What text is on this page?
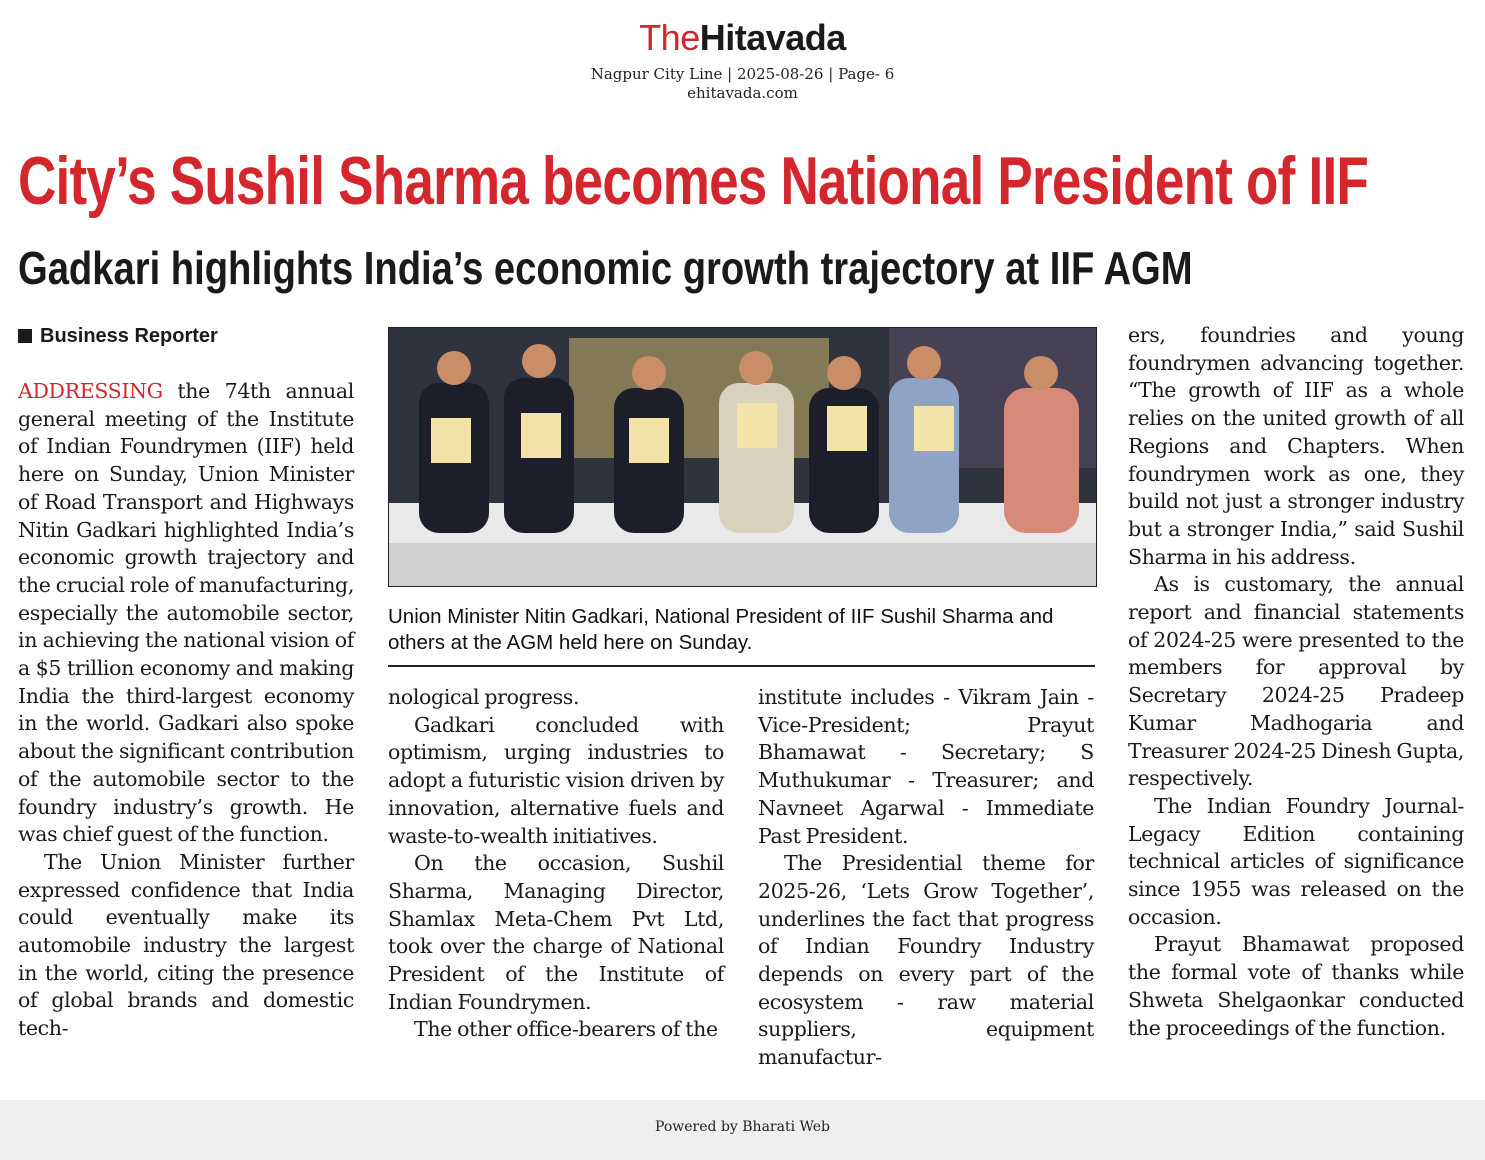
TheHitavada
Nagpur City Line | 2025-08-26 | Page- 6
ehitavada.com
City’s Sushil Sharma becomes National President of IIF
Gadkari highlights India’s economic growth trajectory at IIF AGM
Business Reporter

ADDRESSING the 74th annual general meeting of the Institute of Indian Foundrymen (IIF) held here on Sunday, Union Minister of Road Transport and Highways Nitin Gadkari highlighted India’s economic growth trajectory and the crucial role of manufacturing, especially the automobile sector, in achieving the national vision of a $5 trillion economy and making India the third-largest economy in the world. Gadkari also spoke about the significant contribution of the automobile sector to the foundry industry’s growth. He was chief guest of the function.

The Union Minister further expressed confidence that India could eventually make its automobile industry the largest in the world, citing the presence of global brands and domestic tech-

Union Minister Nitin Gadkari, National President of IIF Sushil Sharma and others at the AGM held here on Sunday.

nological progress.

Gadkari concluded with optimism, urging industries to adopt a futuristic vision driven by innovation, alternative fuels and waste-to-wealth initiatives.

On the occasion, Sushil Sharma, Managing Director, Shamlax Meta-Chem Pvt Ltd, took over the charge of National President of the Institute of Indian Foundrymen.

The other office-bearers of the

institute includes - Vikram Jain - Vice-President; Prayut Bhamawat - Secretary; S Muthukumar - Treasurer; and Navneet Agarwal - Immediate Past President.

The Presidential theme for 2025-26, ‘Lets Grow Together’, underlines the fact that progress of Indian Foundry Industry depends on every part of the ecosystem - raw material suppliers, equipment manufactur-

ers, foundries and young foundrymen advancing together. “The growth of IIF as a whole relies on the united growth of all Regions and Chapters. When foundrymen work as one, they build not just a stronger industry but a stronger India,” said Sushil Sharma in his address.

As is customary, the annual report and financial statements of 2024-25 were presented to the members for approval by Secretary 2024-25 Pradeep Kumar Madhogaria and Treasurer 2024-25 Dinesh Gupta, respectively.

The Indian Foundry Journal-Legacy Edition containing technical articles of significance since 1955 was released on the occasion.

Prayut Bhamawat proposed the formal vote of thanks while Shweta Shelgaonkar conducted the proceedings of the function.

Powered by Bharati Web
